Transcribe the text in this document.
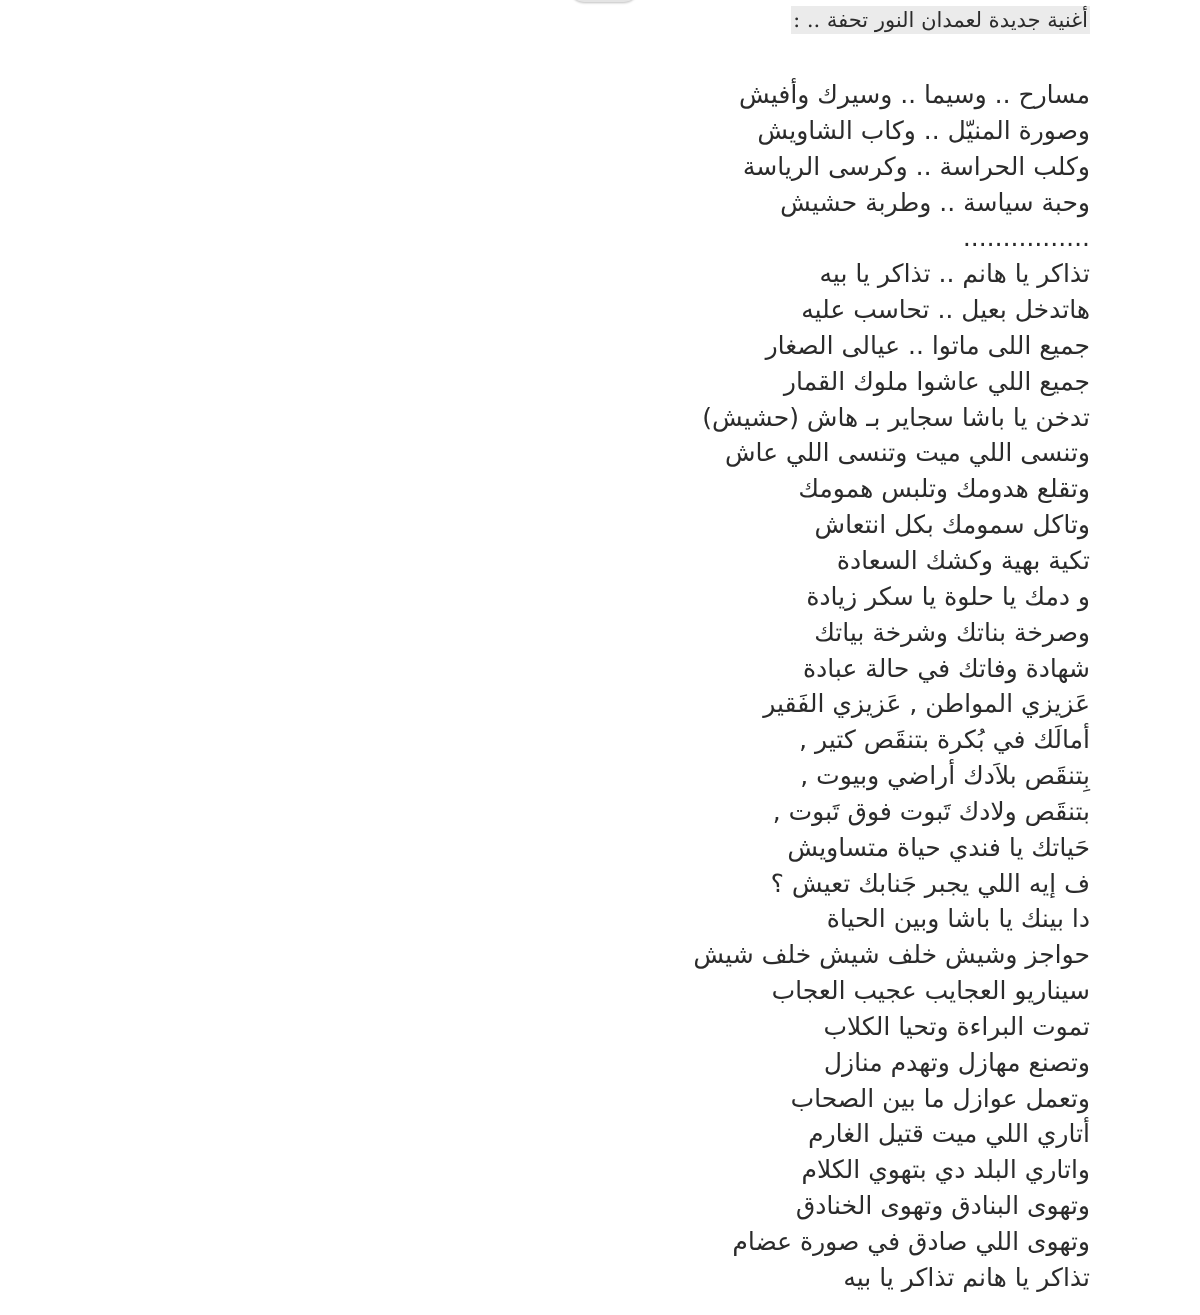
أغنية جديدة لعمدان النور تحفة .. :
مسارح .. وسيما .. وسيرك وأفيش
وصورة المنيّل .. وكاب الشاويش
وكلب الحراسة .. وكرسى الرياسة
وحبة سياسة .. وطربة حشيش
................
تذاكر يا هانم .. تذاكر يا بيه
هاتدخل بعيل .. تحاسب عليه
جميع اللى ماتوا .. عيالى الصغار
جميع اللي عاشوا ملوك القمار
تدخن يا باشا سجاير بـ هاش (حشيش)
وتنسى اللي ميت وتنسى اللي عاش
وتقلع هدومك وتلبس همومك
وتاكل سمومك بكل انتعاش
تكية بهية وكشك السعادة
و دمك يا حلوة يا سكر زيادة
وصرخة بناتك وشرخة بياتك
شهادة وفاتك في حالة عبادة
عَزيزي المواطن , عَزيزي الفَقير
أمالَك في بُكرة بتنقَص كتير ,
بِتنقَص بلاَدك أراضي وبيوت ,
بتنقَص ولادك تَبوت فوق تَبوت ,
حَياتك يا فندي حياة متساويش
ف إيه اللي يجبر جَنابك تعيش ؟
دا بينك يا باشا وبين الحياة
حواجز وشيش خلف شيش خلف شيش
سيناريو العجايب عجيب العجاب
تموت البراءة وتحيا الكلاب
وتصنع مهازل وتهدم منازل
وتعمل عوازل ما بين الصحاب
أتاري اللي ميت قتيل الغارم
واتاري البلد دي بتهوي الكلام
وتهوى البنادق وتهوى الخنادق
وتهوى اللي صادق في صورة عضام
تذاكر يا هانم تذاكر يا بيه
